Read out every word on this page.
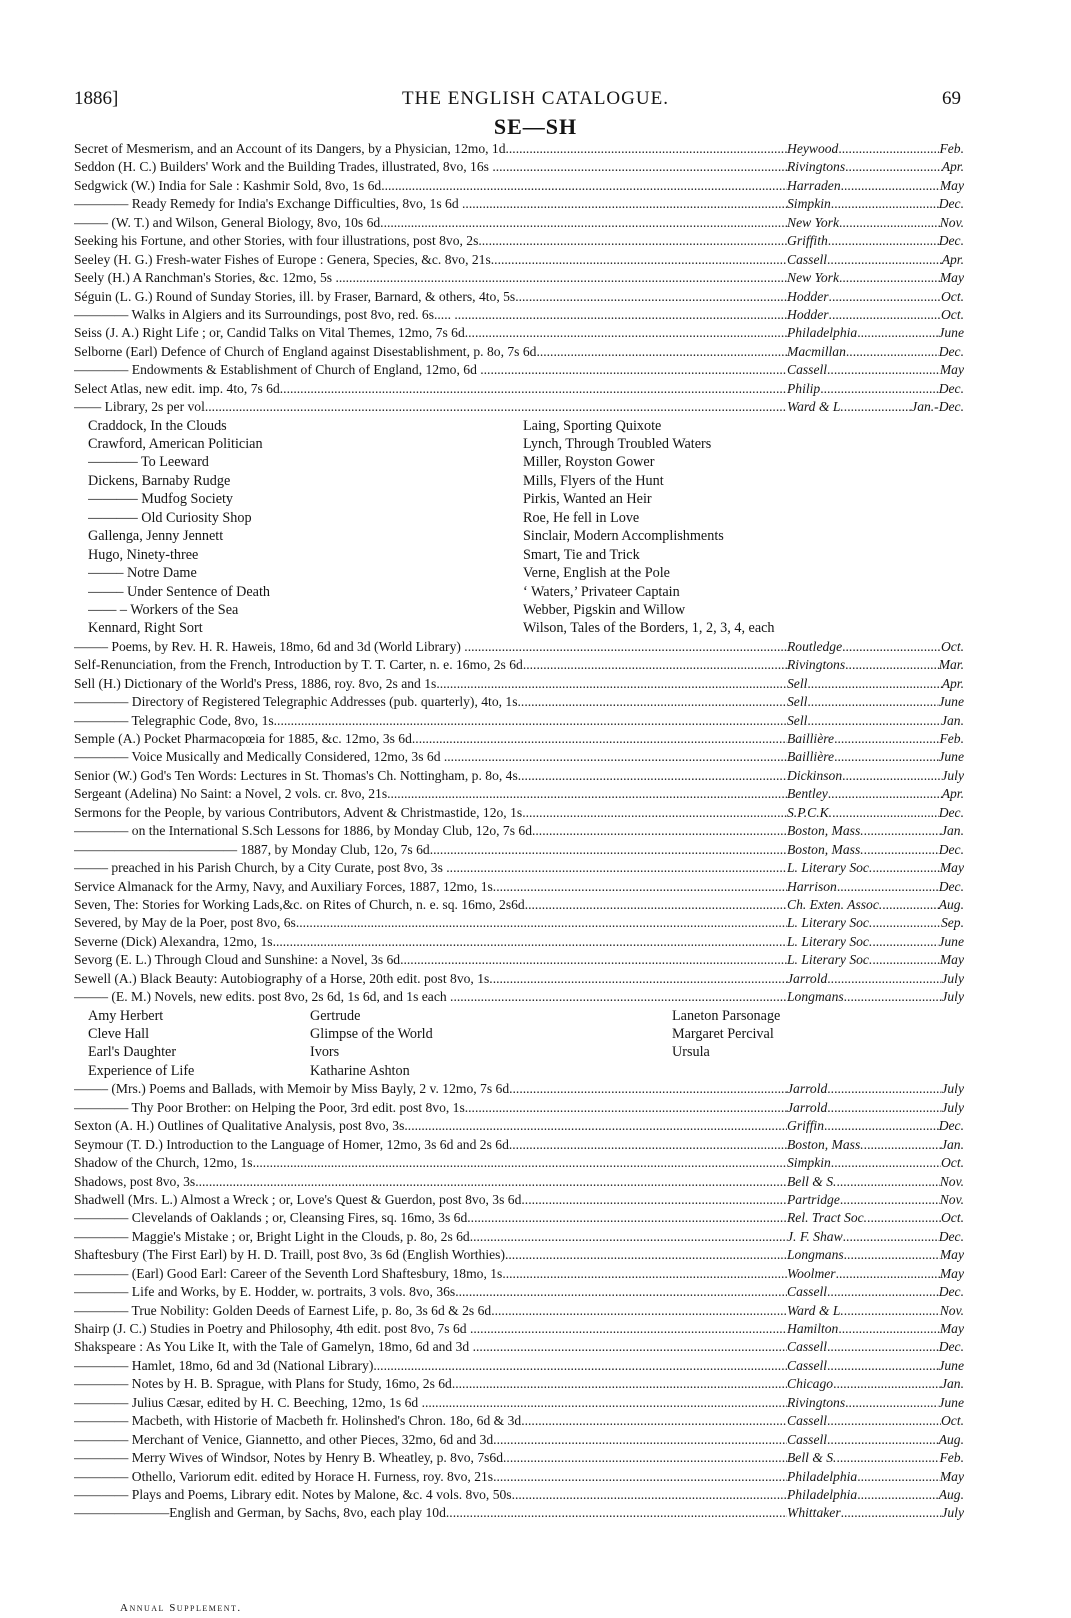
1886]	THE ENGLISH CATALOGUE.	69
SE—SH
Secret of Mesmerism, and an Account of its Dangers, by a Physician, 12mo, 1d... .....	Heywood .....	Feb.
Seddon (H. C.) Builders' Work and the Building Trades, illustrated, 8vo, 16s ... .....	Rivingtons .....	Apr.
Sedgwick (W.) India for Sale : Kashmir Sold, 8vo, 1s 6d .....	Harraden .....	May
———— Ready Remedy for India's Exchange Difficulties, 8vo, 1s 6d ...... .....	Simpkin .....	Dec.
——– (W. T.) and Wilson, General Biology, 8vo, 10s 6d .....	New York .....	Nov.
Seeking his Fortune, and other Stories, with four illustrations, post 8vo, 2s......... .....	Griffith .....	Dec.
Seeley (H. G.) Fresh-water Fishes of Europe : Genera, Species, &c. 8vo, 21s...... .....	Cassell .....	Apr.
Seely (H.) A Ranchman's Stories, &c. 12mo, 5s ... .....	New York .....	May
Séguin (L. G.) Round of Sunday Stories, ill. by Fraser, Barnard, & others, 4to, 5s .....	Hodder .....	Oct.
———— Walks in Algiers and its Surroundings, post 8vo, red. 6s..... ...... .....	Hodder .....	Oct.
Seiss (J. A.) Right Life ; or, Candid Talks on Vital Themes, 12mo, 7s 6d........ .....	Philadelphia .....	June
Selborne (Earl) Defence of Church of England against Disestablishment, p. 8o, 7s 6d .....	Macmillan .....	Dec.
———— Endowments & Establishment of Church of England, 12mo, 6d ... .....	Cassell .....	May
Select Atlas, new edit. imp. 4to, 7s 6d .....	Philip .....	Dec.
—— Library, 2s per vol. .....	Ward & L. .....	Jan.-Dec.
Craddock, In the Clouds	Laing, Sporting Quixote
Crawford, American Politician	Lynch, Through Troubled Waters
———– To Leeward	Miller, Royston Gower
Dickens, Barnaby Rudge	Mills, Flyers of the Hunt
———– Mudfog Society	Pirkis, Wanted an Heir
———– Old Curiosity Shop	Roe, He fell in Love
Gallenga, Jenny Jennett	Sinclair, Modern Accomplishments
Hugo, Ninety-three	Smart, Tie and Trick
——– Notre Dame	Verne, English at the Pole
——– Under Sentence of Death	‘ Waters,’ Privateer Captain
—— – Workers of the Sea	Webber, Pigskin and Willow
Kennard, Right Sort	Wilson, Tales of the Borders, 1, 2, 3, 4, each
——– Poems, by Rev. H. R. Haweis, 18mo, 6d and 3d (World Library) ......... .....	Routledge .....	Oct.
Self-Renunciation, from the French, Introduction by T. T. Carter, n. e. 16mo, 2s 6d .....	Rivingtons .....	Mar.
Sell (H.) Dictionary of the World's Press, 1886, roy. 8vo, 2s and 1s .....	Sell .....	Apr.
———— Directory of Registered Telegraphic Addresses (pub. quarterly), 4to, 1s .....	Sell .....	June
———— Telegraphic Code, 8vo, 1s .....	Sell .....	Jan.
Semple (A.) Pocket Pharmacopœia for 1885, &c. 12mo, 3s 6d .....	Baillière .....	Feb.
———— Voice Musically and Medically Considered, 12mo, 3s 6d .............. .....	Baillière .....	June
Senior (W.) God's Ten Words: Lectures in St. Thomas's Ch. Nottingham, p. 8o, 4s .....	Dickinson .....	July
Sergeant (Adelina) No Saint: a Novel, 2 vols. cr. 8vo, 21s .....	Bentley .....	Apr.
Sermons for the People, by various Contributors, Advent & Christmastide, 12o, 1s .....	S.P.C.K. .....	Dec.
———— on the International S.Sch Lessons for 1886, by Monday Club, 12o, 7s 6d .....	Boston, Mass. .....	Jan.
———————————— 1887, by Monday Club, 12o, 7s 6d .....	Boston, Mass. .....	Dec.
——– preached in his Parish Church, by a City Curate, post 8vo, 3s ............ .....	L. Literary Soc. .....	May
Service Almanack for the Army, Navy, and Auxiliary Forces, 1887, 12mo, 1s...... .....	Harrison .....	Dec.
Seven, The: Stories for Working Lads,&c. on Rites of Church, n. e. sq. 16mo, 2s6d .....	Ch. Exten. Assoc. .....	Aug.
Severed, by May de la Poer, post 8vo, 6s .....	L. Literary Soc. .....	Sep.
Severne (Dick) Alexandra, 12mo, 1s .....	L. Literary Soc. .....	June
Sevorg (E. L.) Through Cloud and Sunshine: a Novel, 3s 6d .....	L. Literary Soc. .....	May
Sewell (A.) Black Beauty: Autobiography of a Horse, 20th edit. post 8vo, 1s...... .....	Jarrold .....	July
——– (E. M.) Novels, new edits. post 8vo, 2s 6d, 1s 6d, and 1s each .............. .....	Longmans .....	July
Amy Herbert	Gertrude	Laneton Parsonage
Cleve Hall	Glimpse of the World	Margaret Percival
Earl's Daughter	Ivors	Ursula
Experience of Life	Katharine Ashton
——– (Mrs.) Poems and Ballads, with Memoir by Miss Bayly, 2 v. 12mo, 7s 6d .....	Jarrold .....	July
———— Thy Poor Brother: on Helping the Poor, 3rd edit. post 8vo, 1s...... .....	Jarrold .....	July
Sexton (A. H.) Outlines of Qualitative Analysis, post 8vo, 3s .....	Griffin .....	Dec.
Seymour (T. D.) Introduction to the Language of Homer, 12mo, 3s 6d and 2s 6d... .....	Boston, Mass. .....	Jan.
Shadow of the Church, 12mo, 1s .....	Simpkin .....	Oct.
Shadows, post 8vo, 3s .....	Bell & S. .....	Nov.
Shadwell (Mrs. L.) Almost a Wreck ; or, Love's Quest & Guerdon, post 8vo, 3s 6d .....	Partridge .....	Nov.
———— Clevelands of Oaklands ; or, Cleansing Fires, sq. 16mo, 3s 6d .....	Rel. Tract Soc. .....	Oct.
———— Maggie's Mistake ; or, Bright Light in the Clouds, p. 8o, 2s 6d .....	J. F. Shaw .....	Dec.
Shaftesbury (The First Earl) by H. D. Traill, post 8vo, 3s 6d (English Worthies) .....	Longmans .....	May
———— (Earl) Good Earl: Career of the Seventh Lord Shaftesbury, 18mo, 1s .....	Woolmer .....	May
———— Life and Works, by E. Hodder, w. portraits, 3 vols. 8vo, 36s .....	Cassell .....	Dec.
———— True Nobility: Golden Deeds of Earnest Life, p. 8o, 3s 6d & 2s 6d .....	Ward & L. .....	Nov.
Shairp (J. C.) Studies in Poetry and Philosophy, 4th edit. post 8vo, 7s 6d ......... .....	Hamilton .....	May
Shakspeare : As You Like It, with the Tale of Gamelyn, 18mo, 6d and 3d ...... .....	Cassell .....	Dec.
———— Hamlet, 18mo, 6d and 3d (National Library) .....	Cassell .....	June
———— Notes by H. B. Sprague, with Plans for Study, 16mo, 2s 6d .....	Chicago .....	Jan.
———— Julius Cæsar, edited by H. C. Beeching, 12mo, 1s 6d ............ .....	Rivingtons .....	June
———— Macbeth, with Historie of Macbeth fr. Holinshed's Chron. 18o, 6d & 3d .....	Cassell .....	Oct.
———— Merchant of Venice, Giannetto, and other Pieces, 32mo, 6d and 3d... .....	Cassell .....	Aug.
———— Merry Wives of Windsor, Notes by Henry B. Wheatley, p. 8vo, 7s6d .....	Bell & S. .....	Feb.
———— Othello, Variorum edit. edited by Horace H. Furness, roy. 8vo, 21s .....	Philadelphia .....	May
———— Plays and Poems, Library edit. Notes by Malone, &c. 4 vols. 8vo, 50s .....	Philadelphia .....	Aug.
———————English and German, by Sachs, 8vo, each play 10d .....	Whittaker .....	July
Annual Supplement.
